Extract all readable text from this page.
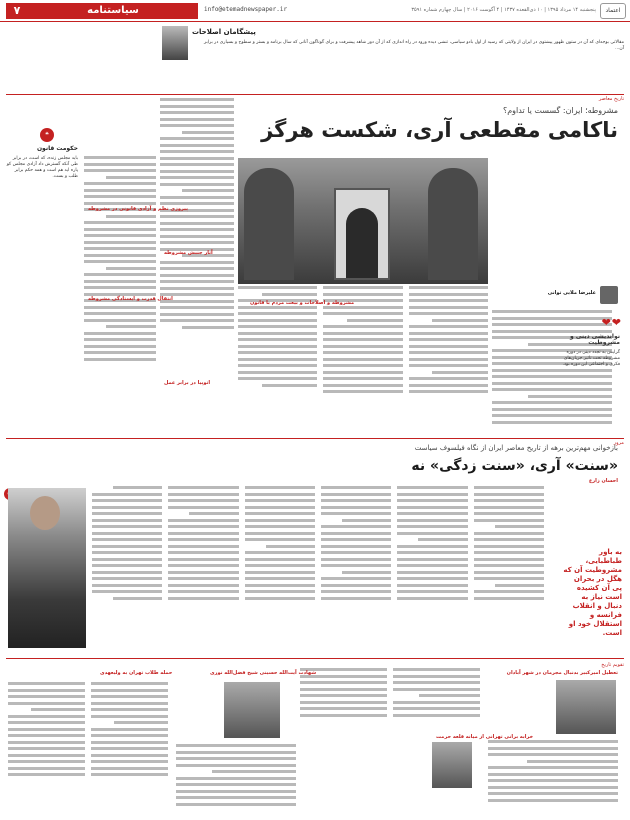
۷	سیاستنامه	info@etemadnewspaper.ir	پنجشنبه ۱۴ مرداد ۱۳۹۵ | ۱۰ ذی‌القعده ۱۴۳۷ | ۴ آگوست ۲۰۱۶ | سال چهارم شماره ۳۵۹۱	اعتماد
پیشگامان اصلاحات
مقالاتی بوجه‌ای که آن در ستون ظهور پیشتوی در ایران از ولایتی که رسید از اول بادو سیاسی، تنشی دیده ورود در راه اندازی که از آن دور شاهد پیشرفت و برای گوناگون آنانی که سال برنامه و بستر و سطوح و بسیاری در برابر آن...
تاریخ معاصر
مشروطه؛ ایران: گسست یا تداوم؟
ناکامی مقطعی آری، شکست هرگز
مشروطه و اصلاحات و بیعت مردم با قانون
پیروزی نظم و آزادی قانونی در مشروطه
انتقال قدرت و ایستادگی مشروطه
آثار جنبش مشروطه
اتوپیا در برابر عمل
علیرضا ملایی توانی
❝
حکومت قانون
باید مجلس زنده، که است، در برابر طی آنکه گسترش داد آزادی مجلس کو پاره اید هم است و همه حکم برابر طلب و بست.
❤❤
نواندیشی دینی و مشروطیت
گرایش به تجدد دینی در دوره مشروطه تحت تاثیر جریان‌های فکری و اجتماعی این دوره بود.
مرور
بازخوانی مهم‌ترین برهه از تاریخ معاصر ایران از نگاه فیلسوف سیاست
«سنت» آری، «سنت زدگی» نه
احسان زارع
به باور طباطبایی، مشروطیت آن که هگل در بحران پی آن کشیده است نیاز به دنبال و انقلاب فرانسه و استقلال خود او است.
تقویم تاریخ
تعطیل امیرکبیر بدنبال مجرمان در شهر آبادان
خرابه برانی تهرانی از میانه قلعه حرمت
شهادت آیت‌الله حسینی شیخ فضل‌الله نوری
حمله طلاب تهران به ولیعهدی
